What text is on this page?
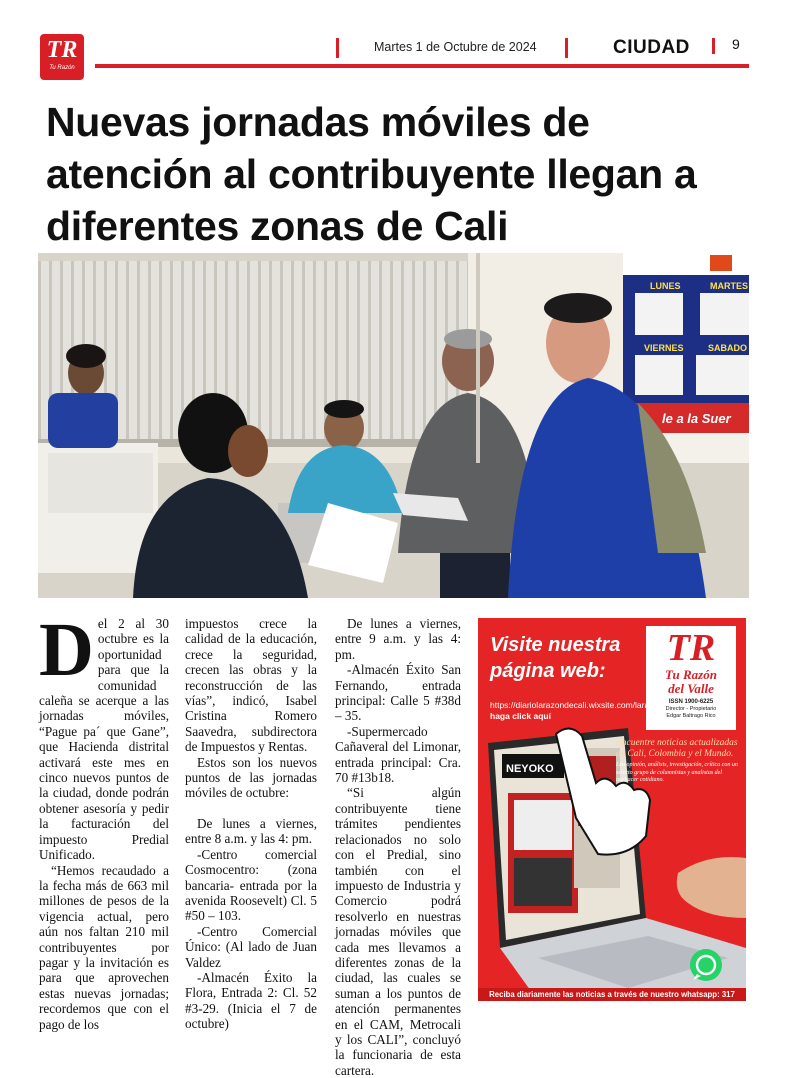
TR
Tu Razón
Martes 1 de Octubre de 2024	CIUDAD	9
Nuevas jornadas móviles de atención al contribuyente llegan a diferentes zonas de Cali
LUNES	MARTES
VIERNES	SABADO
le a la Suer
D el 2 al 30 octubre es la oportunidad para que la comunidad caleña se acerque a las jornadas móviles, “Pague pa´ que Gane”, que Hacienda distrital activará este mes en cinco nuevos puntos de la ciudad, donde podrán obtener asesoría y pedir la facturación del impuesto Predial Unificado.

“Hemos recaudado a la fecha más de 663 mil millones de pesos de la vigencia actual, pero aún nos faltan 210 mil contribuyentes por pagar y la invitación es para que aprovechen estas nuevas jornadas; recordemos que con el pago de los

impuestos crece la calidad de la educación, crece la seguridad, crecen las obras y la reconstrucción de las vías”, indicó, Isabel Cristina Romero Saavedra, subdirectora de Impuestos y Rentas.

Estos son los nuevos puntos de las jornadas móviles de octubre:

De lunes a viernes, entre 8 a.m. y las 4: pm.

-Centro comercial Cosmocentro: (zona bancaria- entrada por la avenida Roosevelt) Cl. 5 #50 – 103.

-Centro Comercial Único: (Al lado de Juan Valdez

-Almacén Éxito la Flora, Entrada 2: Cl. 52 #3-29. (Inicia el 7 de octubre)

De lunes a viernes, entre 9 a.m. y las 4: pm.

-Almacén Éxito San Fernando, entrada principal: Calle 5 #38d – 35.

-Supermercado Cañaveral del Limonar, entrada principal: Cra. 70 #13b18.

“Si algún contribuyente tiene trámites pendientes relacionados no solo con el Predial, sino también con el impuesto de Industria y Comercio podrá resolverlo en nuestras jornadas móviles que cada mes llevamos a diferentes zonas de la ciudad, las cuales se suman a los puntos de atención permanentes en el CAM, Metrocali y los CALI”, concluyó la funcionaria de esta cartera.

NEYOKO
Visite nuestra página web:
TR
Tu Razón
del Valle
ISSN 1900-6225
Director - Propietario
Edgar Baltrago Rico
https://diariolarazondecali.wixsite.com/larazon
haga click aquí
Encuentre noticias actualizadas de Cali, Colombia y el Mundo.
Lea opinión, análisis, investigación, crítica con un selecto grupo de columnistas y analistas del quehacer cotidiano.
Reciba diariamente las noticias a través de nuestro whatsapp: 317 3692921
